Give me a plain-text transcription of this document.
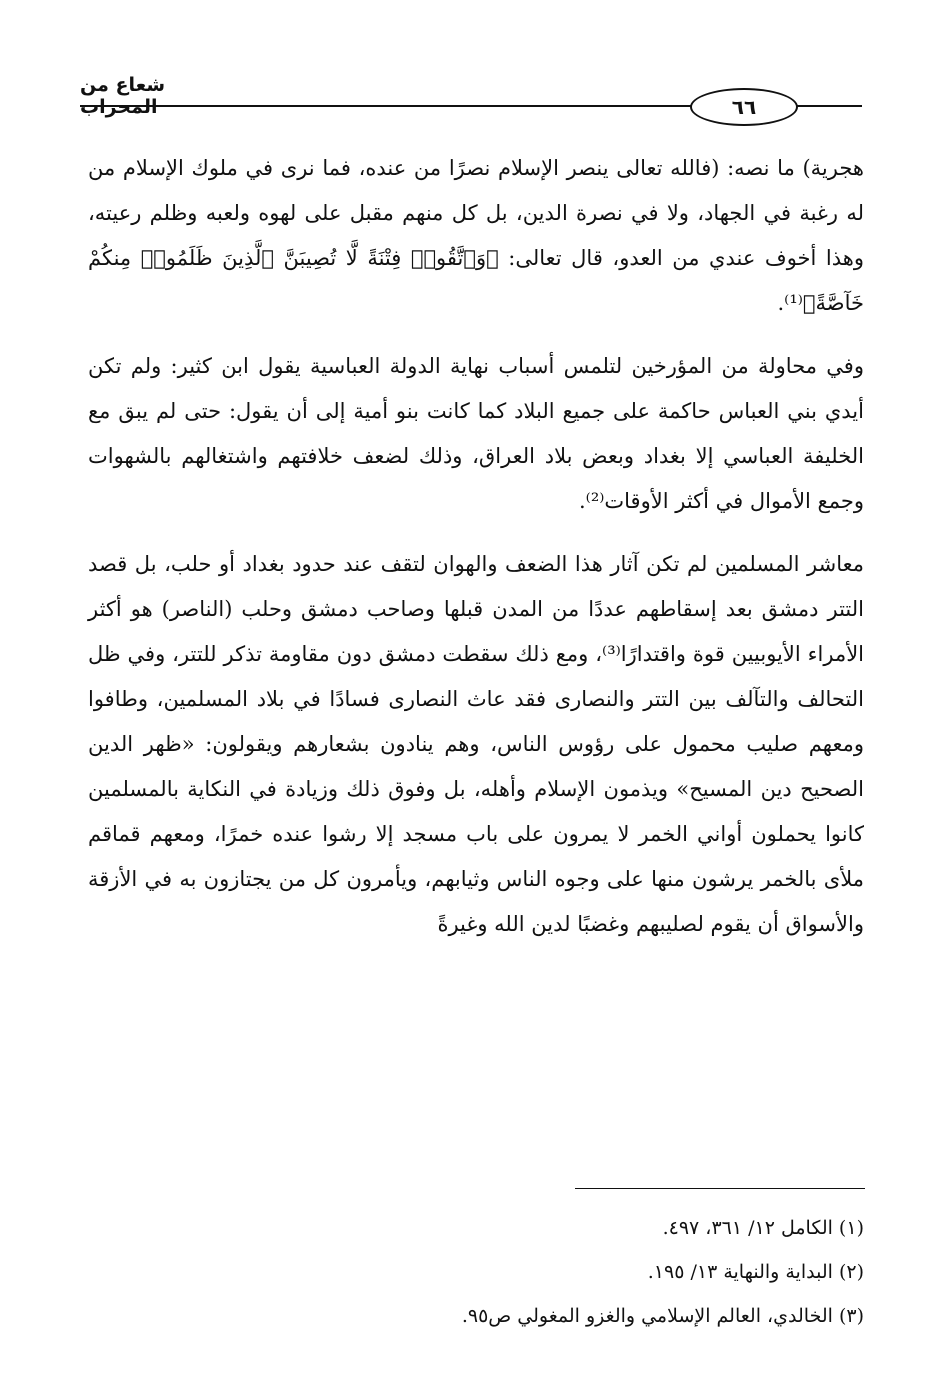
شعاع من المحراب	٦٦

هجرية) ما نصه: (فالله تعالى ينصر الإسلام نصرًا من عنده، فما نرى في ملوك الإسلام من له رغبة في الجهاد، ولا في نصرة الدين، بل كل منهم مقبل على لهوه ولعبه وظلم رعيته، وهذا أخوف عندي من العدو، قال تعالى: ﴿وَٱتَّقُوا۟ فِتْنَةً لَّا تُصِيبَنَّ ٱلَّذِينَ ظَلَمُوا۟ مِنكُمْ خَآصَّةً﴾⁽¹⁾.

وفي محاولة من المؤرخين لتلمس أسباب نهاية الدولة العباسية يقول ابن كثير: ولم تكن أيدي بني العباس حاكمة على جميع البلاد كما كانت بنو أمية إلى أن يقول: حتى لم يبق مع الخليفة العباسي إلا بغداد وبعض بلاد العراق، وذلك لضعف خلافتهم واشتغالهم بالشهوات وجمع الأموال في أكثر الأوقات⁽²⁾.

معاشر المسلمين لم تكن آثار هذا الضعف والهوان لتقف عند حدود بغداد أو حلب، بل قصد التتر دمشق بعد إسقاطهم عددًا من المدن قبلها وصاحب دمشق وحلب (الناصر) هو أكثر الأمراء الأيوبيين قوة واقتدارًا⁽³⁾، ومع ذلك سقطت دمشق دون مقاومة تذكر للتتر، وفي ظل التحالف والتآلف بين التتر والنصارى فقد عاث النصارى فسادًا في بلاد المسلمين، وطافوا ومعهم صليب محمول على رؤوس الناس، وهم ينادون بشعارهم ويقولون: «ظهر الدين الصحيح دين المسيح» ويذمون الإسلام وأهله، بل وفوق ذلك وزيادة في النكاية بالمسلمين كانوا يحملون أواني الخمر لا يمرون على باب مسجد إلا رشوا عنده خمرًا، ومعهم قماقم ملأى بالخمر يرشون منها على وجوه الناس وثيابهم، ويأمرون كل من يجتازون به في الأزقة والأسواق أن يقوم لصليبهم وغضبًا لدين الله وغيرةً

(١) الكامل ١٢/ ٣٦١، ٤٩٧.
(٢) البداية والنهاية ١٣/ ١٩٥.
(٣) الخالدي، العالم الإسلامي والغزو المغولي ص٩٥.
